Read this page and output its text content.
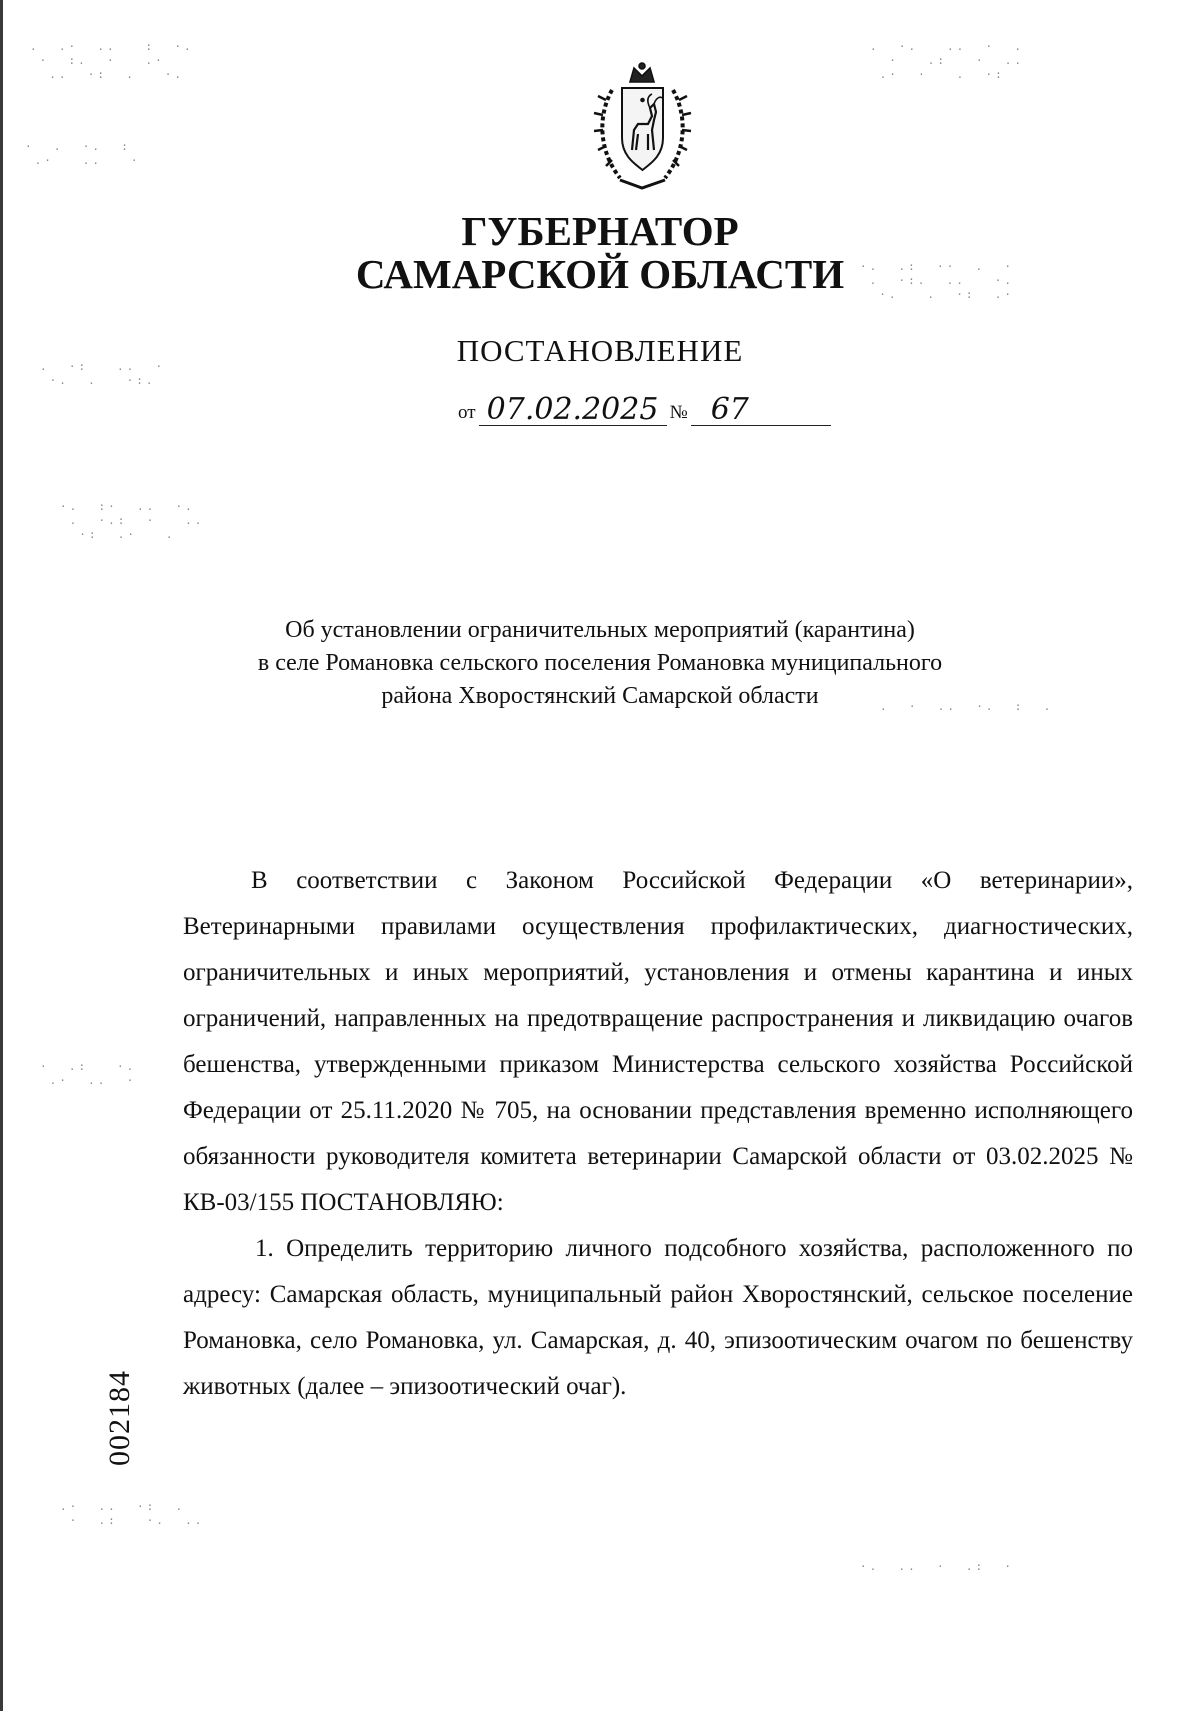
.  .·  ..   :  ·.
·  :.  ·   .·
..  ·:  .   ·.
·  .  ·.  :
.·   ..   ·
.  ·.   ..  ·  .
·   .:   ·  ..
.·  ·   .  ·:
·.  .:  ··  .  ·
.  ·:.  ..   ·.
·.   .  ·:  .·
.  ·:   ..  ·
·.  .   ·:.
·.  :·  ..  ·.
.  ·.:  ·   ..
·:  .·   .
.  ·  ..  ·.  :  .
·  .:   ·.
.·  ..  ·
.·  ..  ·:  .
·  .:   ·.  ..
·.  ..  ·  .:  ·
ГУБЕРНАТОР
САМАРСКОЙ ОБЛАСТИ
ПОСТАНОВЛЕНИЕ
от 07.02.2025 № 67
Об установлении ограничительных мероприятий (карантина)
в селе Романовка сельского поселения Романовка муниципального
района Хворостянский Самарской области

В соответствии с Законом Российской Федерации «О ветеринарии», Ветеринарными правилами осуществления профилактических, диагностических, ограничительных и иных мероприятий, установления и отмены карантина и иных ограничений, направленных на предотвращение распространения и ликвидацию очагов бешенства, утвержденными приказом Министерства сельского хозяйства Российской Федерации от 25.11.2020 № 705, на основании представления временно исполняющего обязанности руководителя комитета ветеринарии Самарской области от 03.02.2025 № КВ-03/155 ПОСТАНОВЛЯЮ:

1. Определить территорию личного подсобного хозяйства, расположенного по адресу: Самарская область, муниципальный район Хворостянский, сельское поселение Романовка, село Романовка, ул. Самарская, д. 40, эпизоотическим очагом по бешенству животных (далее – эпизоотический очаг).

002184
